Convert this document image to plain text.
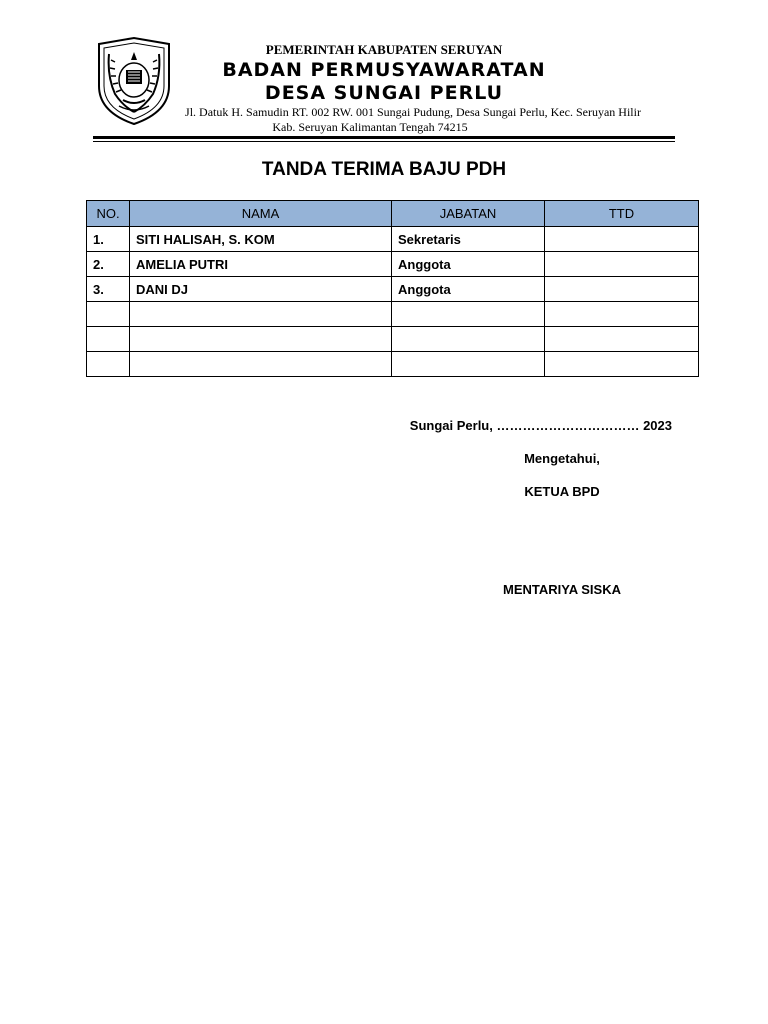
PEMERINTAH KABUPATEN SERUYAN
BADAN PERMUSYAWARATAN
DESA SUNGAI PERLU
Jl. Datuk H. Samudin RT. 002 RW. 001 Sungai Pudung, Desa Sungai Perlu, Kec. Seruyan Hilir
Kab. Seruyan Kalimantan Tengah 74215
TANDA TERIMA BAJU PDH
NO.	NAMA	JABATAN	TTD
1.	SITI HALISAH, S. KOM	Sekretaris	
2.	AMELIA PUTRI	Anggota	
3.	DANI DJ	Anggota	

Sungai Perlu, …………………………… 2023
Mengetahui,
KETUA BPD
MENTARIYA SISKA
